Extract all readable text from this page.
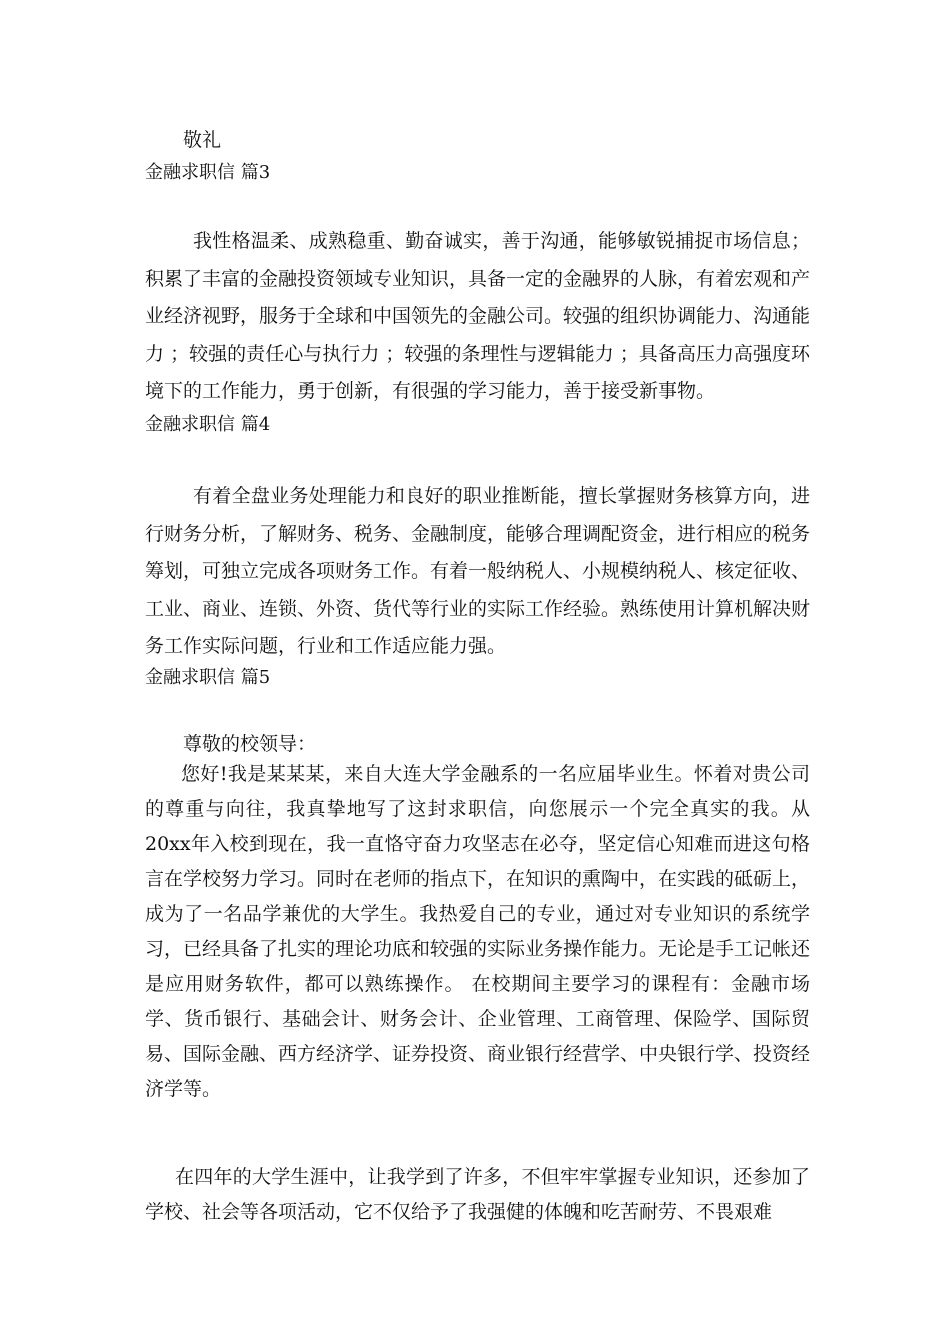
敬礼
金融求职信 篇3
我性格温柔、成熟稳重、勤奋诚实，善于沟通，能够敏锐捕捉市场信息；积累了丰富的金融投资领域专业知识，具备一定的金融界的人脉，有着宏观和产业经济视野，服务于全球和中国领先的金融公司。较强的组织协调能力、沟通能力 ；较强的责任心与执行力 ；较强的条理性与逻辑能力 ；具备高压力高强度环境下的工作能力，勇于创新，有很强的学习能力，善于接受新事物。
金融求职信 篇4
有着全盘业务处理能力和良好的职业推断能，擅长掌握财务核算方向，进行财务分析，了解财务、税务、金融制度，能够合理调配资金，进行相应的税务筹划，可独立完成各项财务工作。有着一般纳税人、小规模纳税人、核定征收、工业、商业、连锁、外资、货代等行业的实际工作经验。熟练使用计算机解决财务工作实际问题，行业和工作适应能力强。
金融求职信 篇5
尊敬的校领导：
您好!我是某某某，来自大连大学金融系的一名应届毕业生。怀着对贵公司的尊重与向往，我真挚地写了这封求职信，向您展示一个完全真实的我。从20xx年入校到现在，我一直恪守奋力攻坚志在必夺，坚定信心知难而进这句格言在学校努力学习。同时在老师的指点下，在知识的熏陶中，在实践的砥砺上，成为了一名品学兼优的大学生。我热爱自己的专业，通过对专业知识的系统学习，已经具备了扎实的理论功底和较强的实际业务操作能力。无论是手工记帐还是应用财务软件，都可以熟练操作。 在校期间主要学习的课程有：金融市场学、货币银行、基础会计、财务会计、企业管理、工商管理、保险学、国际贸易、国际金融、西方经济学、证券投资、商业银行经营学、中央银行学、投资经济学等。
在四年的大学生涯中，让我学到了许多，不但牢牢掌握专业知识，还参加了学校、社会等各项活动，它不仅给予了我强健的体魄和吃苦耐劳、不畏艰难
